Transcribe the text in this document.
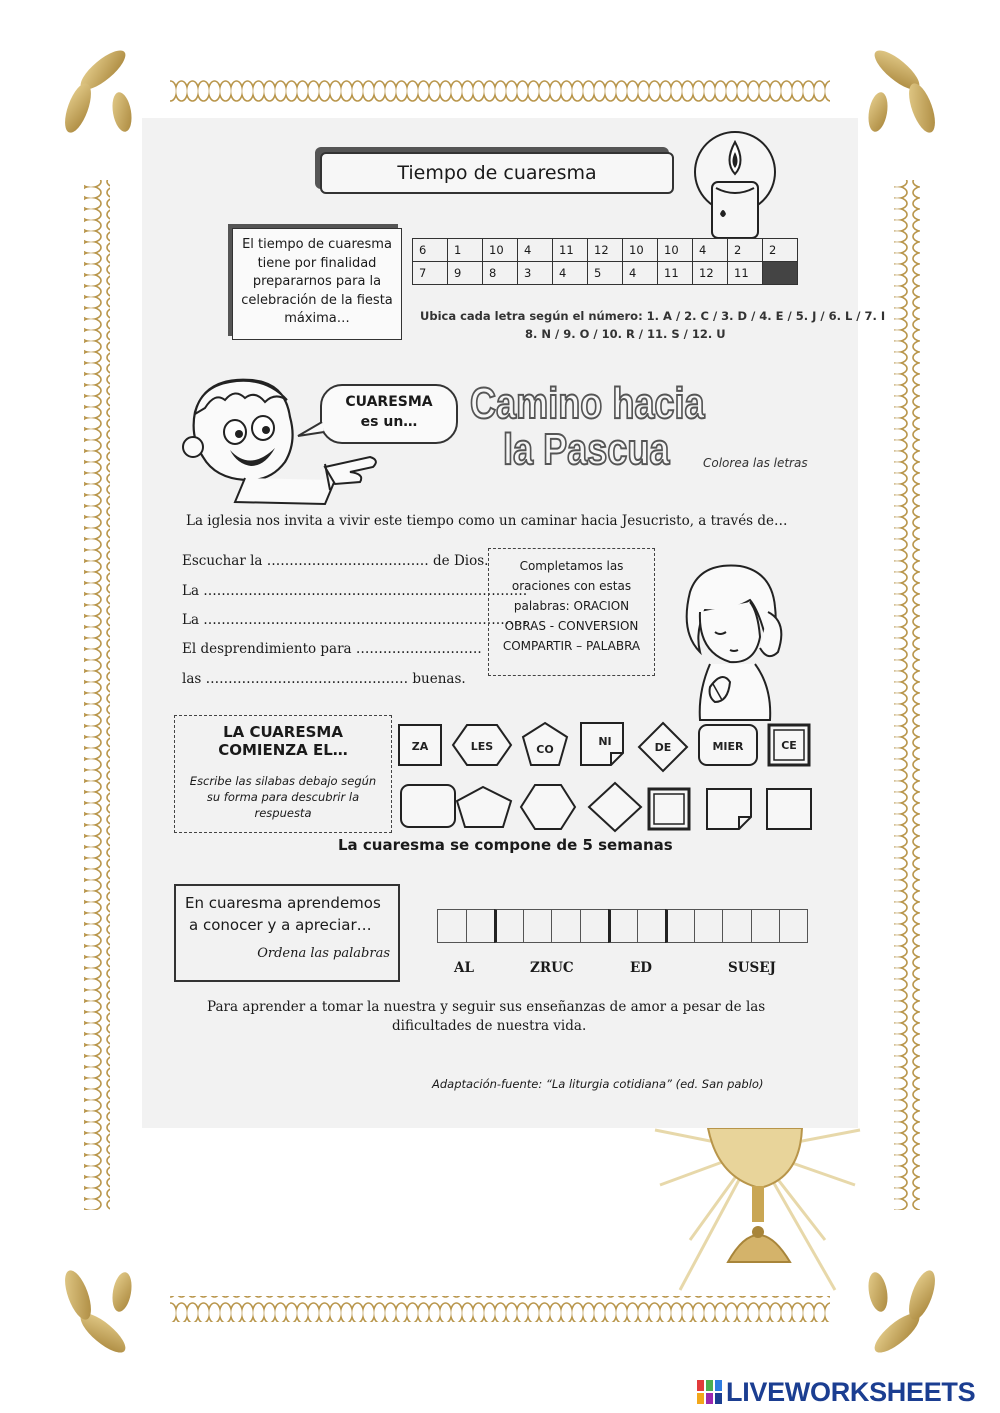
Tiempo de cuaresma
El tiempo de cuaresma
tiene por finalidad
prepararnos para la
celebración de la fiesta
máxima…
6	1	10	4	11	12	10	10	4	2	2
7	9	8	3	4	5	4	11	12	11	
Ubica cada letra según el número: 1. A / 2. C / 3. D / 4. E / 5. J / 6. L / 7. I
8. N / 9. O / 10. R / 11. S / 12. U
CUARESMA
es un…	Camino hacia
la Pascua	Colorea las letras
La iglesia nos invita a vivir este tiempo como un caminar hacia Jesucristo, a través de…
Escuchar la ……………………………… de Dios.
La ………………………………………………………………
La ………………………………………………………………
El desprendimiento para ……………………….
las ……………………………………… buenas.
Completamos las
oraciones con estas
palabras: ORACION
OBRAS - CONVERSION
COMPARTIR – PALABRA
LA CUARESMA
COMIENZA EL…
Escribe las silabas debajo según
su forma para descubrir la
respuesta
ZA	LES	CO
NI	DE	MIER	CE
La cuaresma se compone de 5 semanas
En cuaresma aprendemos
a conocer y a apreciar…
Ordena las palabras
AL	ZRUC	ED	SUSEJ
Para aprender a tomar la nuestra y seguir sus enseñanzas de amor a pesar de las
dificultades de nuestra vida.
Adaptación-fuente: “La liturgia cotidiana” (ed. San pablo)
LIVEWORKSHEETS
